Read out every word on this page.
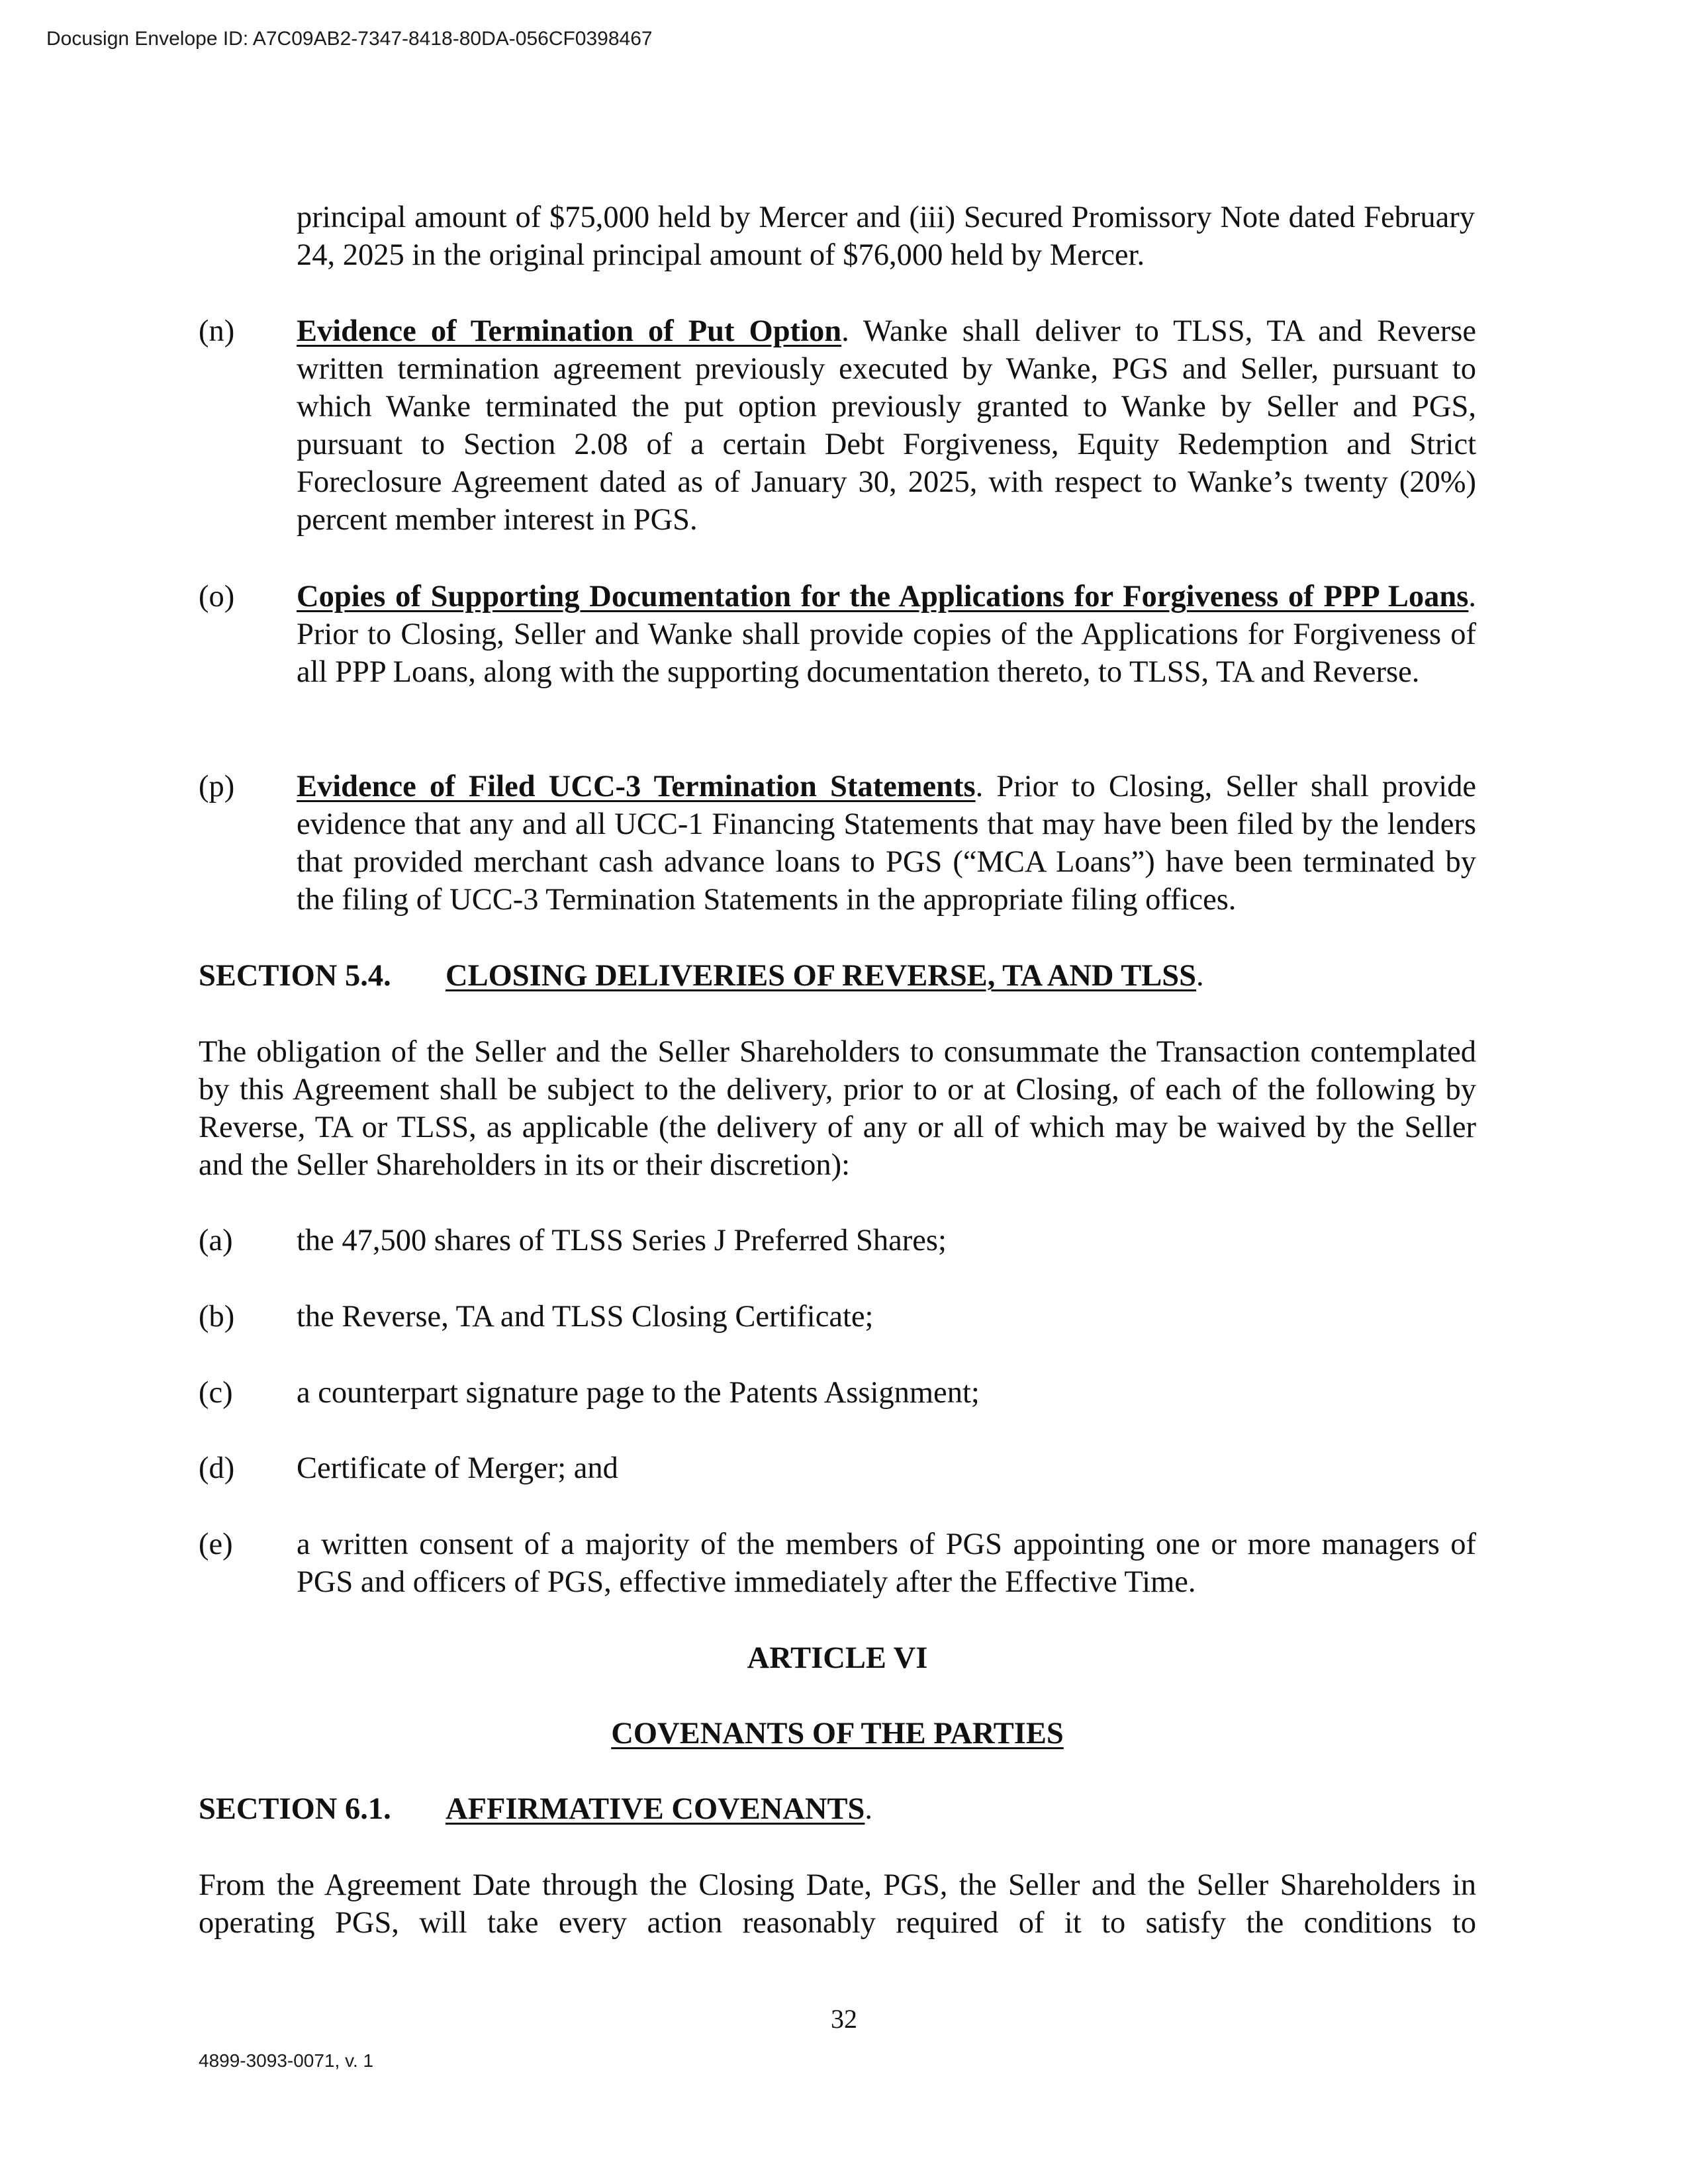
Docusign Envelope ID: A7C09AB2-7347-8418-80DA-056CF0398467
principal amount of $75,000 held by Mercer and (iii) Secured Promissory Note dated February 24, 2025 in the original principal amount of $76,000 held by Mercer.
(n) Evidence of Termination of Put Option. Wanke shall deliver to TLSS, TA and Reverse written termination agreement previously executed by Wanke, PGS and Seller, pursuant to which Wanke terminated the put option previously granted to Wanke by Seller and PGS, pursuant to Section 2.08 of a certain Debt Forgiveness, Equity Redemption and Strict Foreclosure Agreement dated as of January 30, 2025, with respect to Wanke’s twenty (20%) percent member interest in PGS.
(o) Copies of Supporting Documentation for the Applications for Forgiveness of PPP Loans. Prior to Closing, Seller and Wanke shall provide copies of the Applications for Forgiveness of all PPP Loans, along with the supporting documentation thereto, to TLSS, TA and Reverse.
(p) Evidence of Filed UCC-3 Termination Statements. Prior to Closing, Seller shall provide evidence that any and all UCC-1 Financing Statements that may have been filed by the lenders that provided merchant cash advance loans to PGS (“MCA Loans”) have been terminated by the filing of UCC-3 Termination Statements in the appropriate filing offices.
SECTION 5.4. CLOSING DELIVERIES OF REVERSE, TA AND TLSS.
The obligation of the Seller and the Seller Shareholders to consummate the Transaction contemplated by this Agreement shall be subject to the delivery, prior to or at Closing, of each of the following by Reverse, TA or TLSS, as applicable (the delivery of any or all of which may be waived by the Seller and the Seller Shareholders in its or their discretion):
(a) the 47,500 shares of TLSS Series J Preferred Shares;
(b) the Reverse, TA and TLSS Closing Certificate;
(c) a counterpart signature page to the Patents Assignment;
(d) Certificate of Merger; and
(e) a written consent of a majority of the members of PGS appointing one or more managers of PGS and officers of PGS, effective immediately after the Effective Time.
ARTICLE VI
COVENANTS OF THE PARTIES
SECTION 6.1. AFFIRMATIVE COVENANTS.
From the Agreement Date through the Closing Date, PGS, the Seller and the Seller Shareholders in operating PGS, will take every action reasonably required of it to satisfy the conditions to
32
4899-3093-0071, v. 1
